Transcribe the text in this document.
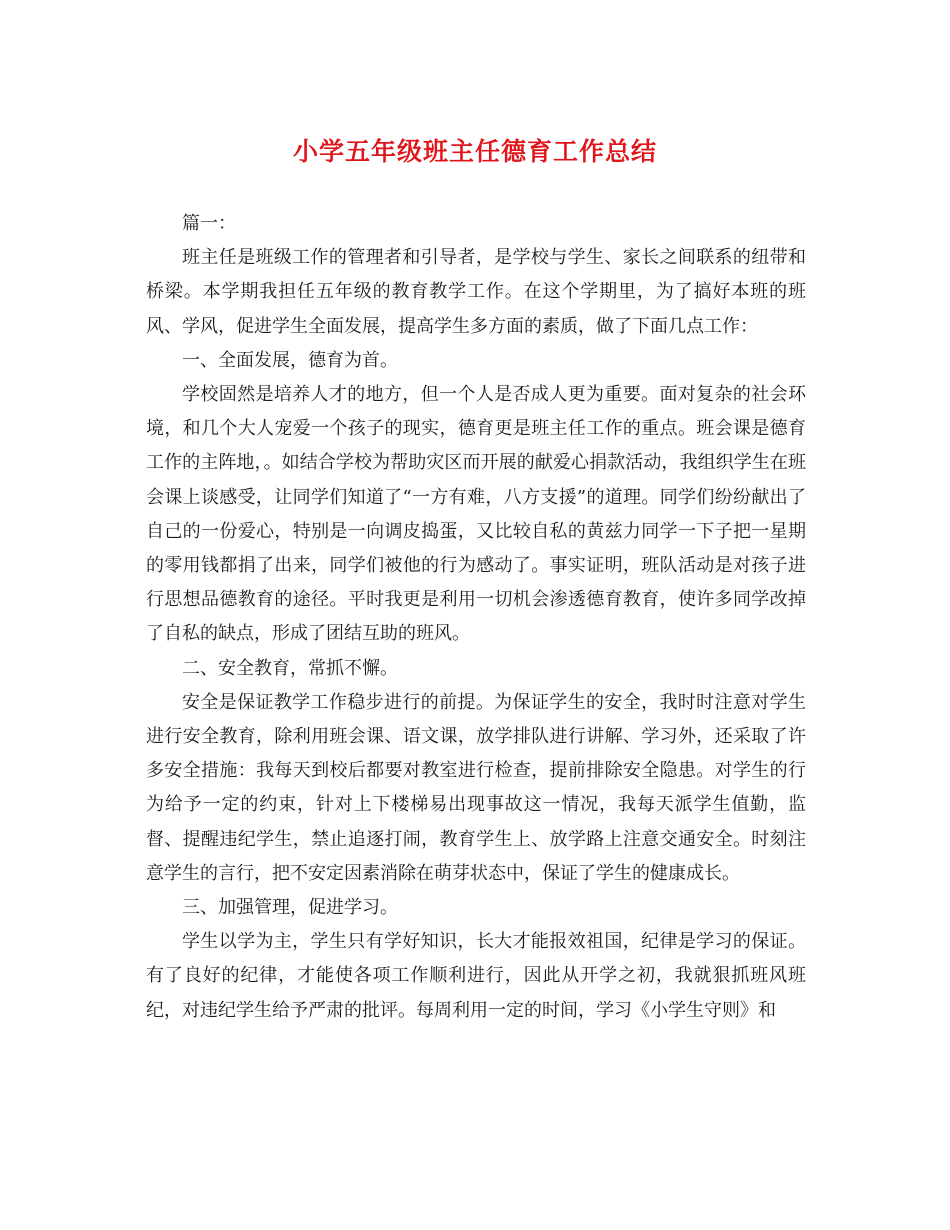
小学五年级班主任德育工作总结

篇一：

班主任是班级工作的管理者和引导者，是学校与学生、家长之间联系的纽带和桥梁。本学期我担任五年级的教育教学工作。在这个学期里，为了搞好本班的班风、学风，促进学生全面发展，提高学生多方面的素质，做了下面几点工作：

一、全面发展，德育为首。

学校固然是培养人才的地方，但一个人是否成人更为重要。面对复杂的社会环境，和几个大人宠爱一个孩子的现实，德育更是班主任工作的重点。班会课是德育工作的主阵地，。如结合学校为帮助灾区而开展的献爱心捐款活动，我组织学生在班会课上谈感受，让同学们知道了“一方有难，八方支援”的道理。同学们纷纷献出了自己的一份爱心，特别是一向调皮捣蛋，又比较自私的黄兹力同学一下子把一星期的零用钱都捐了出来，同学们被他的行为感动了。事实证明，班队活动是对孩子进行思想品德教育的途径。平时我更是利用一切机会渗透德育教育，使许多同学改掉了自私的缺点，形成了团结互助的班风。

二、安全教育，常抓不懈。

安全是保证教学工作稳步进行的前提。为保证学生的安全，我时时注意对学生进行安全教育，除利用班会课、语文课，放学排队进行讲解、学习外，还采取了许多安全措施：我每天到校后都要对教室进行检查，提前排除安全隐患。对学生的行为给予一定的约束，针对上下楼梯易出现事故这一情况，我每天派学生值勤，监督、提醒违纪学生，禁止追逐打闹，教育学生上、放学路上注意交通安全。时刻注意学生的言行，把不安定因素消除在萌芽状态中，保证了学生的健康成长。

三、加强管理，促进学习。

学生以学为主，学生只有学好知识，长大才能报效祖国，纪律是学习的保证。有了良好的纪律，才能使各项工作顺利进行，因此从开学之初，我就狠抓班风班纪，对违纪学生给予严肃的批评。每周利用一定的时间，学习《小学生守则》和
